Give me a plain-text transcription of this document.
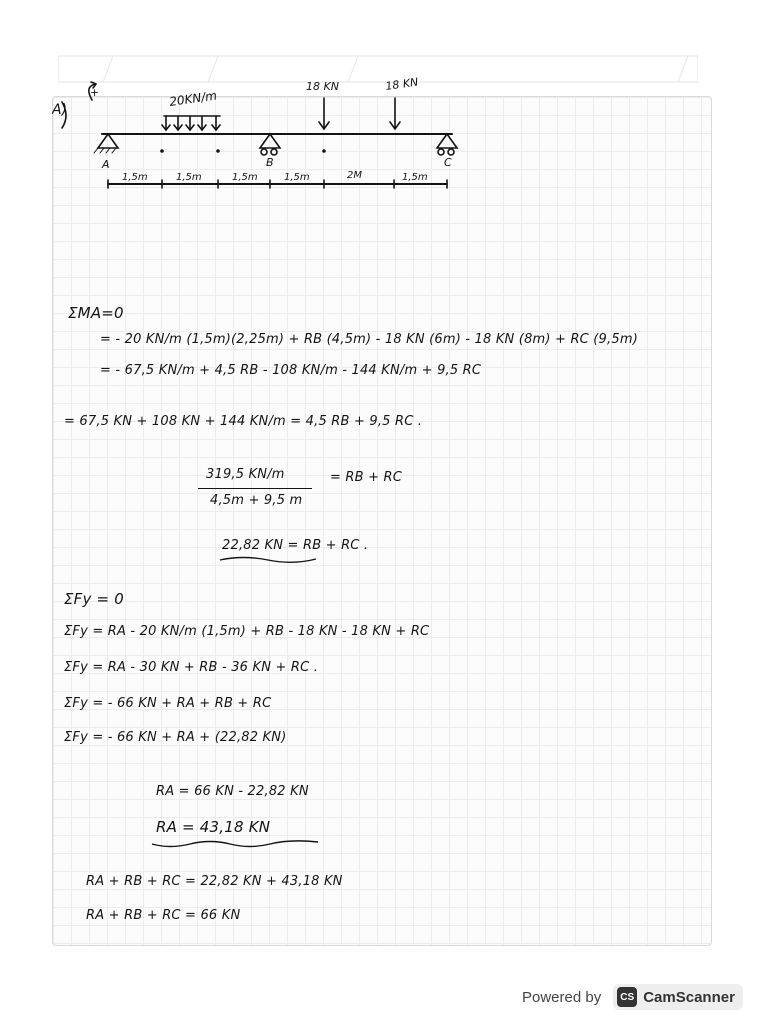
A)
+	20KN/m
18 KN	18 KN
A	B	C
1,5m	1,5m	1,5m	1,5m	2M	1,5m
ΣMA=0
= - 20 KN/m (1,5m)(2,25m) + RB (4,5m) - 18 KN (6m) - 18 KN (8m) + RC (9,5m)
= - 67,5 KN/m + 4,5 RB - 108 KN/m - 144 KN/m + 9,5 RC
= 67,5 KN + 108 KN + 144 KN/m = 4,5 RB + 9,5 RC .
319,5 KN/m
4,5m + 9,5 m
= RB + RC
22,82 KN = RB + RC .
ΣFy = 0
ΣFy = RA - 20 KN/m (1,5m) + RB - 18 KN - 18 KN + RC
ΣFy = RA - 30 KN + RB - 36 KN + RC .
ΣFy = - 66 KN + RA + RB + RC
ΣFy = - 66 KN + RA + (22,82 KN)
RA = 66 KN - 22,82 KN
RA = 43,18 KN
RA + RB + RC = 22,82 KN + 43,18 KN
RA + RB + RC = 66 KN
Powered by	CS CamScanner
